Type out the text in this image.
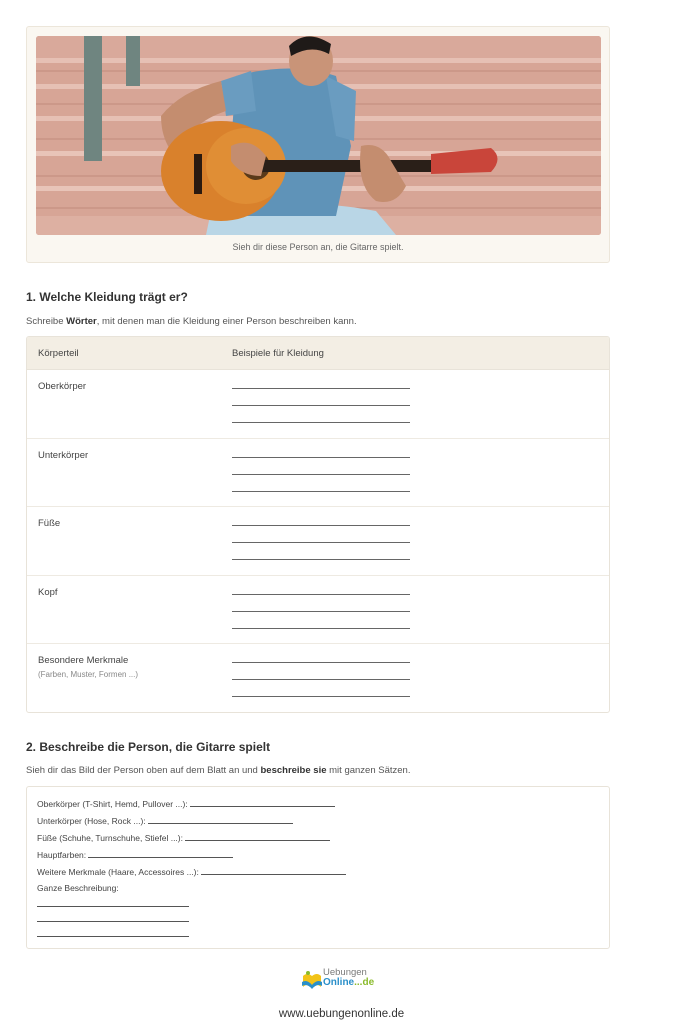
Sieh dir diese Person an, die Gitarre spielt.
1. Welche Kleidung trägt er?

Schreibe Wörter, mit denen man die Kleidung einer Person beschreiben kann.

Körperteil	Beispiele für Kleidung
Oberkörper
Unterkörper
Füße
Kopf
Besondere Merkmale
(Farben, Muster, Formen ...)
2. Beschreibe die Person, die Gitarre spielt

Sieh dir das Bild der Person oben auf dem Blatt an und beschreibe sie mit ganzen Sätzen.

Oberkörper (T-Shirt, Hemd, Pullover ...):
Unterkörper (Hose, Rock ...):
Füße (Schuhe, Turnschuhe, Stiefel ...):
Hauptfarben:
Weitere Merkmale (Haare, Accessoires ...):
Ganze Beschreibung:
Uebungen
Online...de
www.uebungenonline.de
